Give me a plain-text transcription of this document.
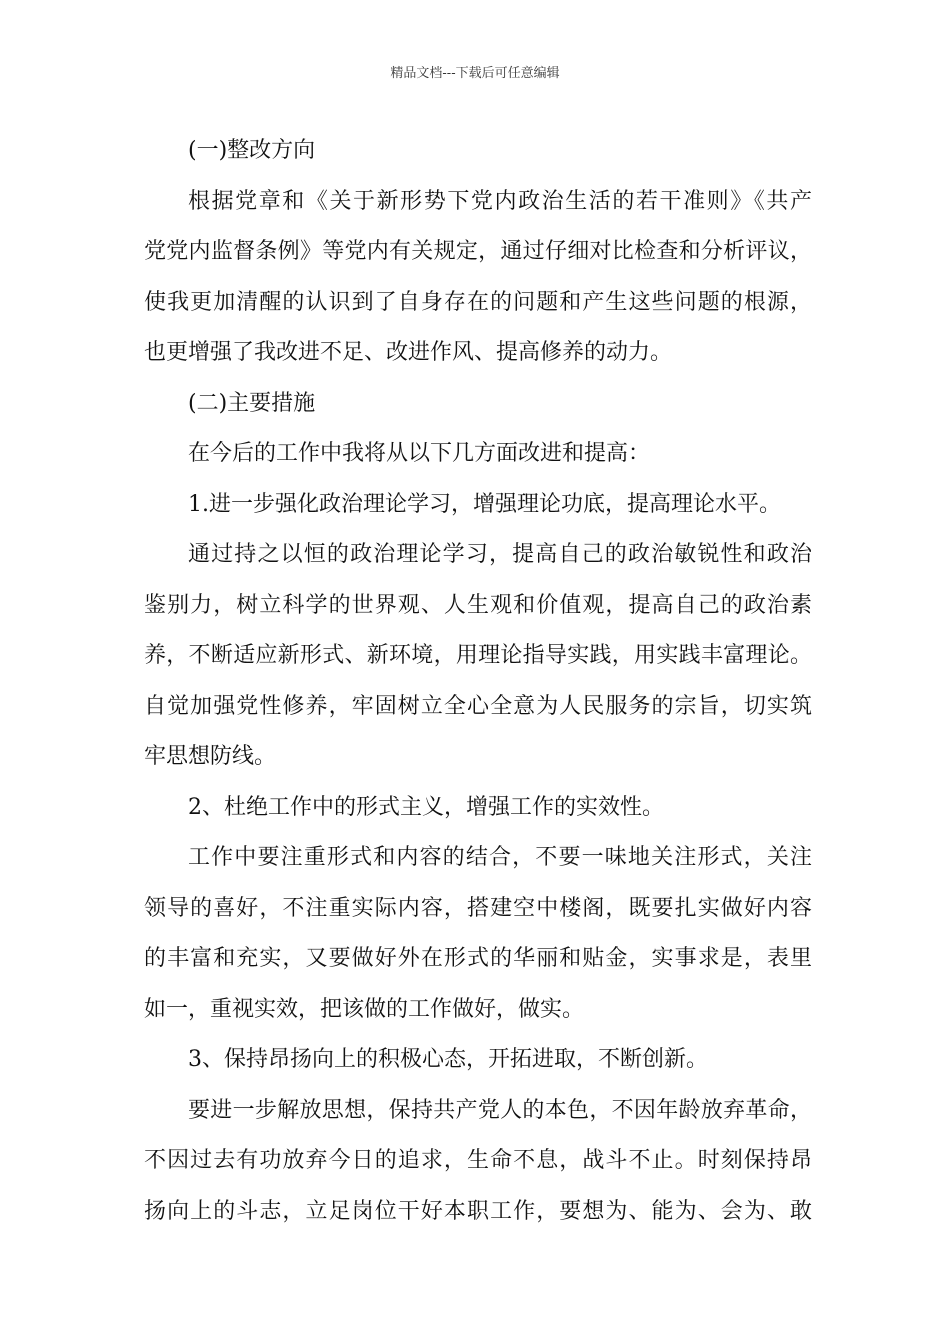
精品文档---下载后可任意编辑
(一)整改方向
根据党章和《关于新形势下党内政治生活的若干准则》《共产
党党内监督条例》等党内有关规定，通过仔细对比检查和分析评议，
使我更加清醒的认识到了自身存在的问题和产生这些问题的根源，
也更增强了我改进不足、改进作风、提高修养的动力。
(二)主要措施
在今后的工作中我将从以下几方面改进和提高：
1.进一步强化政治理论学习，增强理论功底，提高理论水平。
通过持之以恒的政治理论学习，提高自己的政治敏锐性和政治
鉴别力，树立科学的世界观、人生观和价值观，提高自己的政治素
养，不断适应新形式、新环境，用理论指导实践，用实践丰富理论。
自觉加强党性修养，牢固树立全心全意为人民服务的宗旨，切实筑
牢思想防线。
2、杜绝工作中的形式主义，增强工作的实效性。
工作中要注重形式和内容的结合，不要一味地关注形式，关注
领导的喜好，不注重实际内容，搭建空中楼阁，既要扎实做好内容
的丰富和充实，又要做好外在形式的华丽和贴金，实事求是，表里
如一，重视实效，把该做的工作做好，做实。
3、保持昂扬向上的积极心态，开拓进取，不断创新。
要进一步解放思想，保持共产党人的本色，不因年龄放弃革命，
不因过去有功放弃今日的追求，生命不息，战斗不止。时刻保持昂
扬向上的斗志，立足岗位干好本职工作，要想为、能为、会为、敢
